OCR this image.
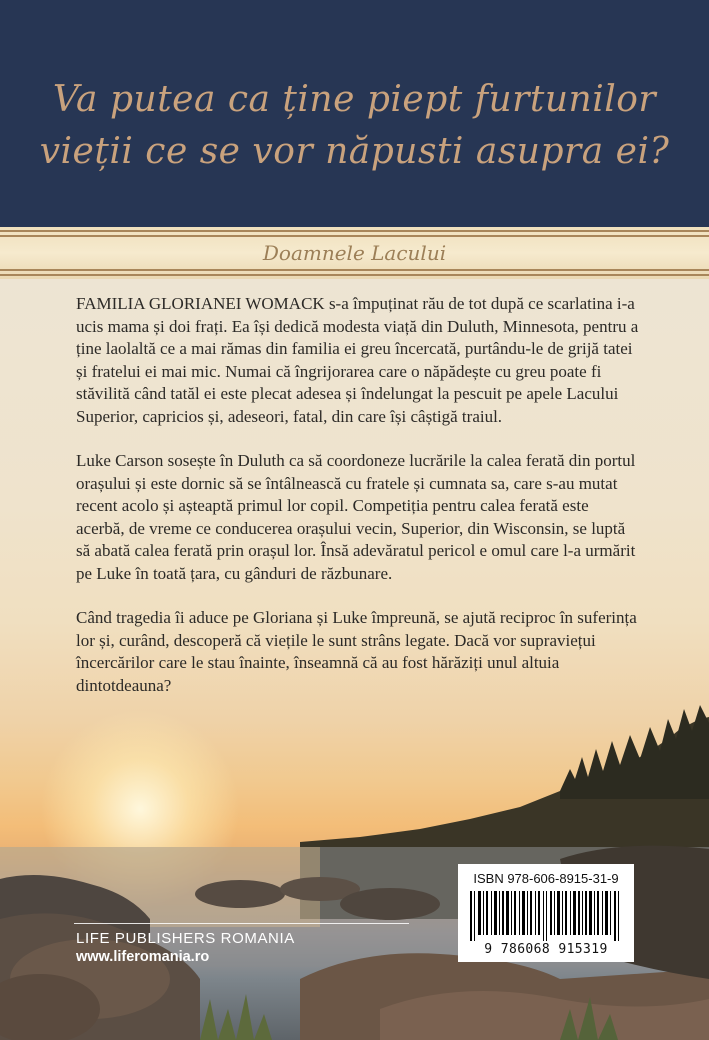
Va putea ca ține piept furtunilor
vieții ce se vor năpusti asupra ei?
Doamnele Lacului

FAMILIA GLORIANEI WOMACK s-a împuținat rău de tot după ce scarlatina i-a ucis mama și doi frați. Ea își dedică modesta viață din Duluth, Minnesota, pentru a ține laolaltă ce a mai rămas din familia ei greu încercată, purtându-le de grijă tatei și fratelui ei mai mic. Numai că îngrijorarea care o năpădește cu greu poate fi stăvilită când tatăl ei este plecat adesea și îndelungat la pescuit pe apele Lacului Superior, capricios și, adeseori, fatal, din care își câștigă traiul.

Luke Carson sosește în Duluth ca să coordoneze lucrările la calea ferată din portul orașului și este dornic să se întâlnească cu fratele și cumnata sa, care s-au mutat recent acolo și așteaptă primul lor copil. Competiția pentru calea ferată este acerbă, de vreme ce conducerea orașului vecin, Superior, din Wisconsin, se luptă să abată calea ferată prin orașul lor. Însă adevăratul pericol e omul care l-a urmărit pe Luke în toată țara, cu gânduri de răzbunare.

Când tragedia îi aduce pe Gloriana și Luke împreună, se ajută reciproc în suferința lor și, curând, descoperă că viețile le sunt strâns legate. Dacă vor supraviețui încercărilor care le stau înainte, înseamnă că au fost hărăziți unul altuia dintotdeauna?

LIFE PUBLISHERS ROMANIA
www.liferomania.ro
ISBN 978-606-8915-31-9
9 786068 915319
